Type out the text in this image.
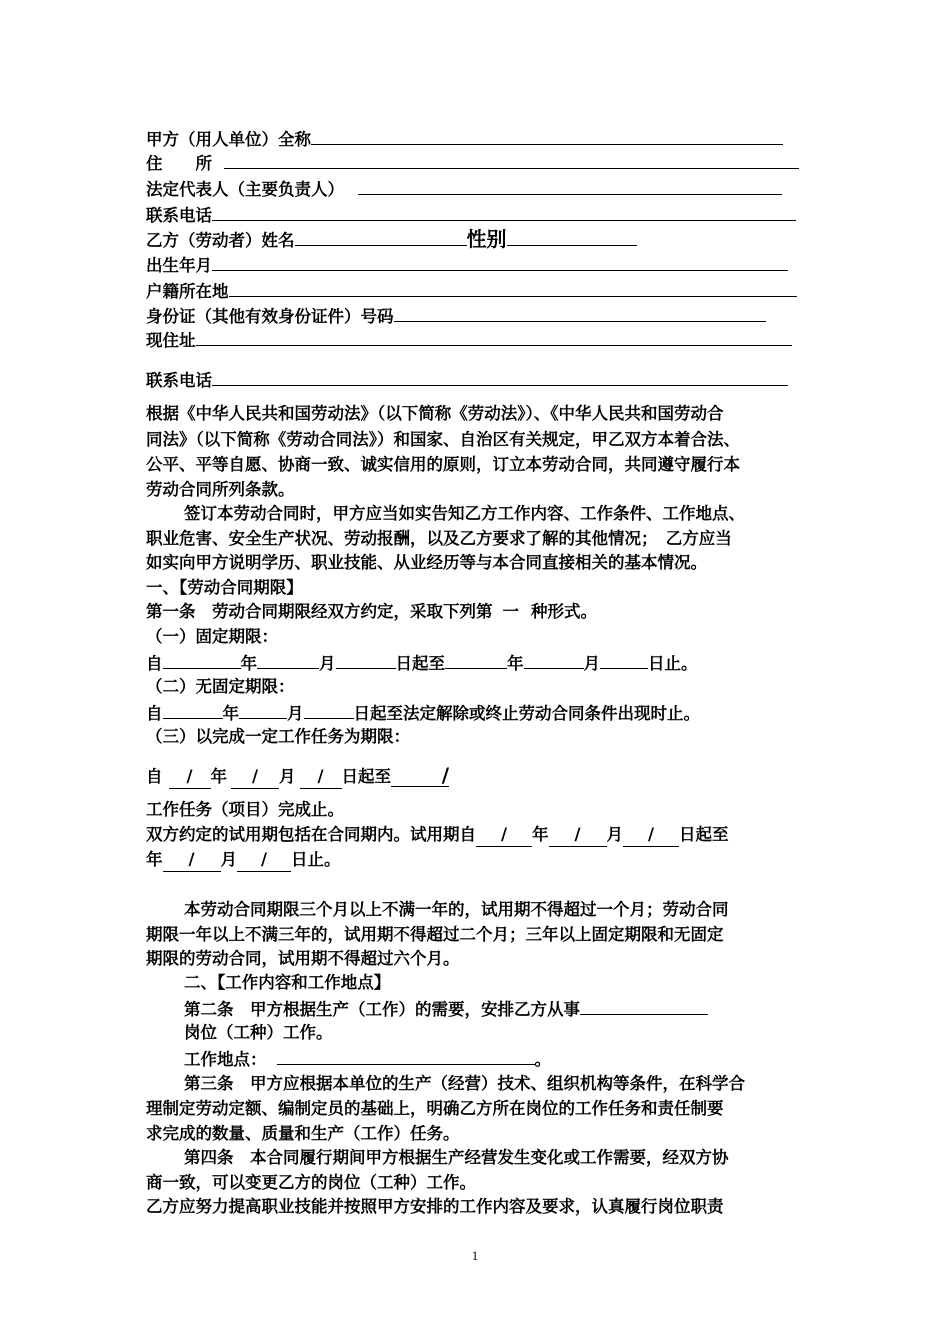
甲方（用人单位）全称
住　　所
法定代表人（主要负责人）
联系电话
乙方（劳动者）姓名	性别
出生年月
户籍所在地
身份证（其他有效身份证件）号码
现住址
联系电话
根据《中华人民共和国劳动法》（以下简称《劳动法》）、《中华人民共和国劳动合
同法》（以下简称《劳动合同法》）和国家、自治区有关规定，甲乙双方本着合法、
公平、平等自愿、协商一致、诚实信用的原则，订立本劳动合同，共同遵守履行本
劳动合同所列条款。
签订本劳动合同时，甲方应当如实告知乙方工作内容、工作条件、工作地点、
职业危害、安全生产状况、劳动报酬，以及乙方要求了解的其他情况；　乙方应当
如实向甲方说明学历、职业技能、从业经历等与本合同直接相关的基本情况。
一、【劳动合同期限】
第一条　劳动合同期限经双方约定，采取下列第 一 种形式。
（一）固定期限：
自	年	月	日起至	年	月	日止。
（二）无固定期限：
自	年	月	日起至法定解除或终止劳动合同条件出现时止。
（三）以完成一定工作任务为期限：
自 / 年 / 月 / 日起至	/
工作任务（项目）完成止。
双方约定的试用期包括在合同期内。试用期自 / 年 / 月 / 日起至
年 / 月 / 日止。
本劳动合同期限三个月以上不满一年的，试用期不得超过一个月；劳动合同
期限一年以上不满三年的，试用期不得超过二个月；三年以上固定期限和无固定
期限的劳动合同，试用期不得超过六个月。
二、【工作内容和工作地点】
第二条　甲方根据生产（工作）的需要，安排乙方从事
岗位（工种）工作。
工作地点：	。
第三条　甲方应根据本单位的生产（经营）技术、组织机构等条件，在科学合
理制定劳动定额、编制定员的基础上，明确乙方所在岗位的工作任务和责任制要
求完成的数量、质量和生产（工作）任务。
第四条　本合同履行期间甲方根据生产经营发生变化或工作需要，经双方协
商一致，可以变更乙方的岗位（工种）工作。
乙方应努力提高职业技能并按照甲方安排的工作内容及要求，认真履行岗位职责
1
